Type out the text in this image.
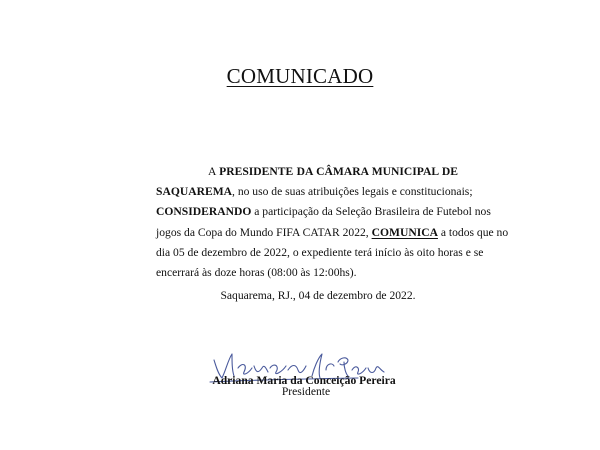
COMUNICADO
A PRESIDENTE DA CÂMARA MUNICIPAL DE
SAQUAREMA, no uso de suas atribuições legais e constitucionais;
CONSIDERANDO a participação da Seleção Brasileira de Futebol nos
jogos da Copa do Mundo FIFA CATAR 2022, COMUNICA a todos que no
dia 05 de dezembro de 2022, o expediente terá início às oito horas e se
encerrará às doze horas (08:00 às 12:00hs).
Saquarema, RJ., 04 de dezembro de 2022.
Adriana Maria da Conceição Pereira
Presidente
